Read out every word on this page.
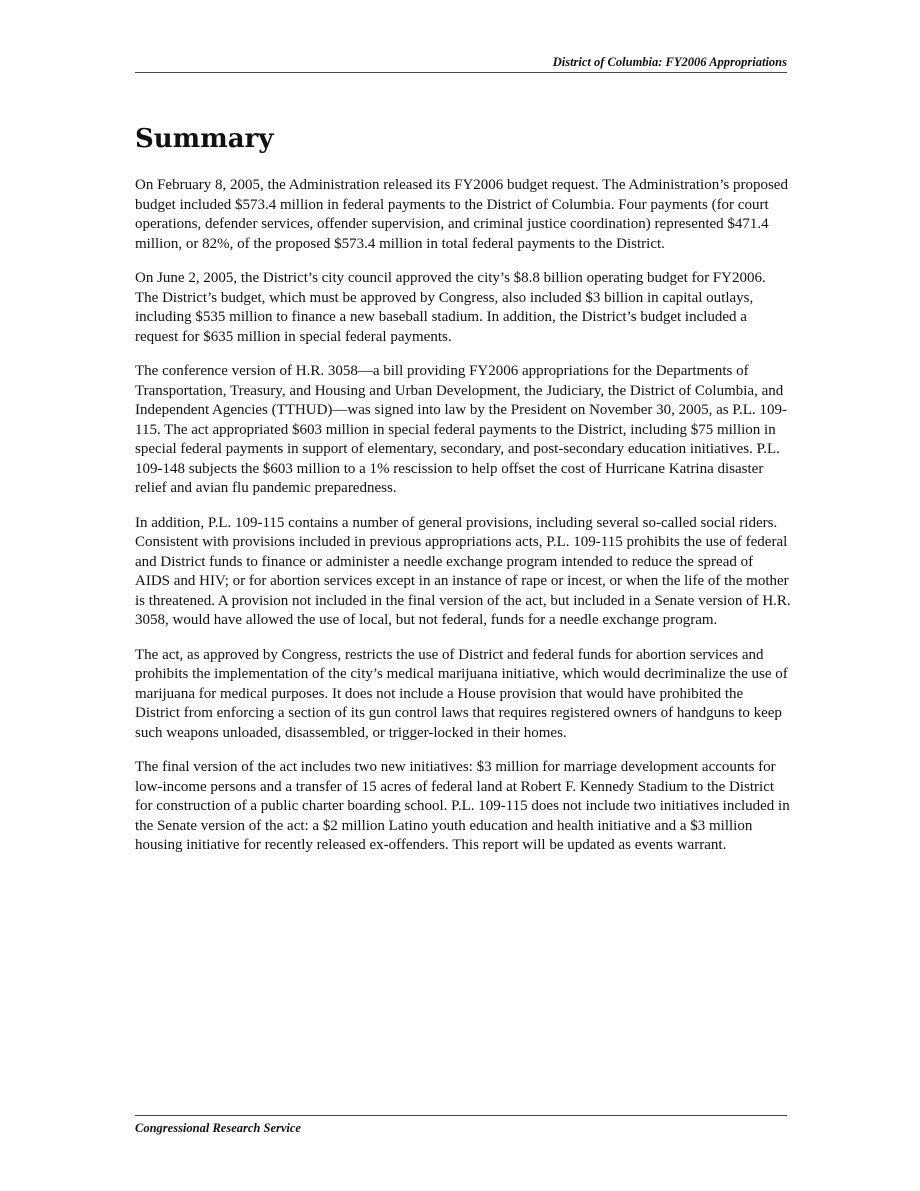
District of Columbia: FY2006 Appropriations
Summary

On February 8, 2005, the Administration released its FY2006 budget request. The Administration’s proposed budget included $573.4 million in federal payments to the District of Columbia. Four payments (for court operations, defender services, offender supervision, and criminal justice coordination) represented $471.4 million, or 82%, of the proposed $573.4 million in total federal payments to the District.

On June 2, 2005, the District’s city council approved the city’s $8.8 billion operating budget for FY2006. The District’s budget, which must be approved by Congress, also included $3 billion in capital outlays, including $535 million to finance a new baseball stadium. In addition, the District’s budget included a request for $635 million in special federal payments.

The conference version of H.R. 3058—a bill providing FY2006 appropriations for the Departments of Transportation, Treasury, and Housing and Urban Development, the Judiciary, the District of Columbia, and Independent Agencies (TTHUD)—was signed into law by the President on November 30, 2005, as P.L. 109-115. The act appropriated $603 million in special federal payments to the District, including $75 million in special federal payments in support of elementary, secondary, and post-secondary education initiatives. P.L. 109-148 subjects the $603 million to a 1% rescission to help offset the cost of Hurricane Katrina disaster relief and avian flu pandemic preparedness.

In addition, P.L. 109-115 contains a number of general provisions, including several so-called social riders. Consistent with provisions included in previous appropriations acts, P.L. 109-115 prohibits the use of federal and District funds to finance or administer a needle exchange program intended to reduce the spread of AIDS and HIV; or for abortion services except in an instance of rape or incest, or when the life of the mother is threatened. A provision not included in the final version of the act, but included in a Senate version of H.R. 3058, would have allowed the use of local, but not federal, funds for a needle exchange program.

The act, as approved by Congress, restricts the use of District and federal funds for abortion services and prohibits the implementation of the city’s medical marijuana initiative, which would decriminalize the use of marijuana for medical purposes. It does not include a House provision that would have prohibited the District from enforcing a section of its gun control laws that requires registered owners of handguns to keep such weapons unloaded, disassembled, or trigger-locked in their homes.

The final version of the act includes two new initiatives: $3 million for marriage development accounts for low-income persons and a transfer of 15 acres of federal land at Robert F. Kennedy Stadium to the District for construction of a public charter boarding school. P.L. 109-115 does not include two initiatives included in the Senate version of the act: a $2 million Latino youth education and health initiative and a $3 million housing initiative for recently released ex-offenders. This report will be updated as events warrant.

Congressional Research Service
